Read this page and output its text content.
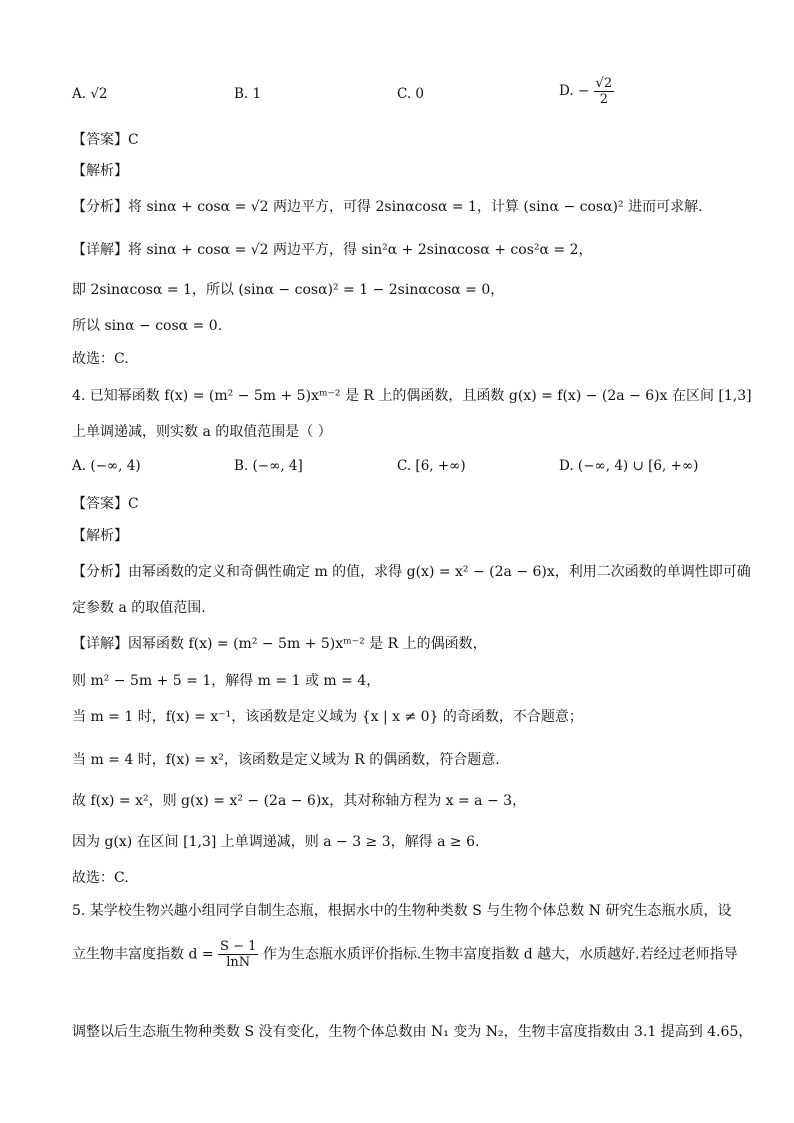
A. √2	B. 1	C. 0	D. − $\frac{√2}{2}$
【答案】C
【解析】
【分析】将 sinα + cosα = √2 两边平方，可得 2sinαcosα = 1，计算 (sinα − cosα)² 进而可求解.
【详解】将 sinα + cosα = √2 两边平方，得 sin²α + 2sinαcosα + cos²α = 2，
即 2sinαcosα = 1，所以 (sinα − cosα)² = 1 − 2sinαcosα = 0，
所以 sinα − cosα = 0.
故选：C.
4. 已知幂函数 f(x) = (m² − 5m + 5)xᵐ⁻² 是 R 上的偶函数，且函数 g(x) = f(x) − (2a − 6)x 在区间 [1,3]
上单调递减，则实数 a 的取值范围是（ ）
A. (−∞, 4)	B. (−∞, 4]	C. [6, +∞)	D. (−∞, 4) ∪ [6, +∞)
【答案】C
【解析】
【分析】由幂函数的定义和奇偶性确定 m 的值，求得 g(x) = x² − (2a − 6)x，利用二次函数的单调性即可确
定参数 a 的取值范围.
【详解】因幂函数 f(x) = (m² − 5m + 5)xᵐ⁻² 是 R 上的偶函数，
则 m² − 5m + 5 = 1，解得 m = 1 或 m = 4，
当 m = 1 时，f(x) = x⁻¹，该函数是定义域为 {x | x ≠ 0} 的奇函数，不合题意；
当 m = 4 时，f(x) = x²，该函数是定义域为 R 的偶函数，符合题意.
故 f(x) = x²，则 g(x) = x² − (2a − 6)x，其对称轴方程为 x = a − 3，
因为 g(x) 在区间 [1,3] 上单调递减，则 a − 3 ≥ 3，解得 a ≥ 6.
故选：C.
5. 某学校生物兴趣小组同学自制生态瓶，根据水中的生物种类数 S 与生物个体总数 N 研究生态瓶水质，设
立生物丰富度指数 $d = \frac{S - 1}{\ln N}$ 作为生态瓶水质评价指标.生物丰富度指数 d 越大，水质越好.若经过老师指导
调整以后生态瓶生物种类数 S 没有变化，生物个体总数由 N₁ 变为 N₂，生物丰富度指数由 3.1 提高到 4.65，
